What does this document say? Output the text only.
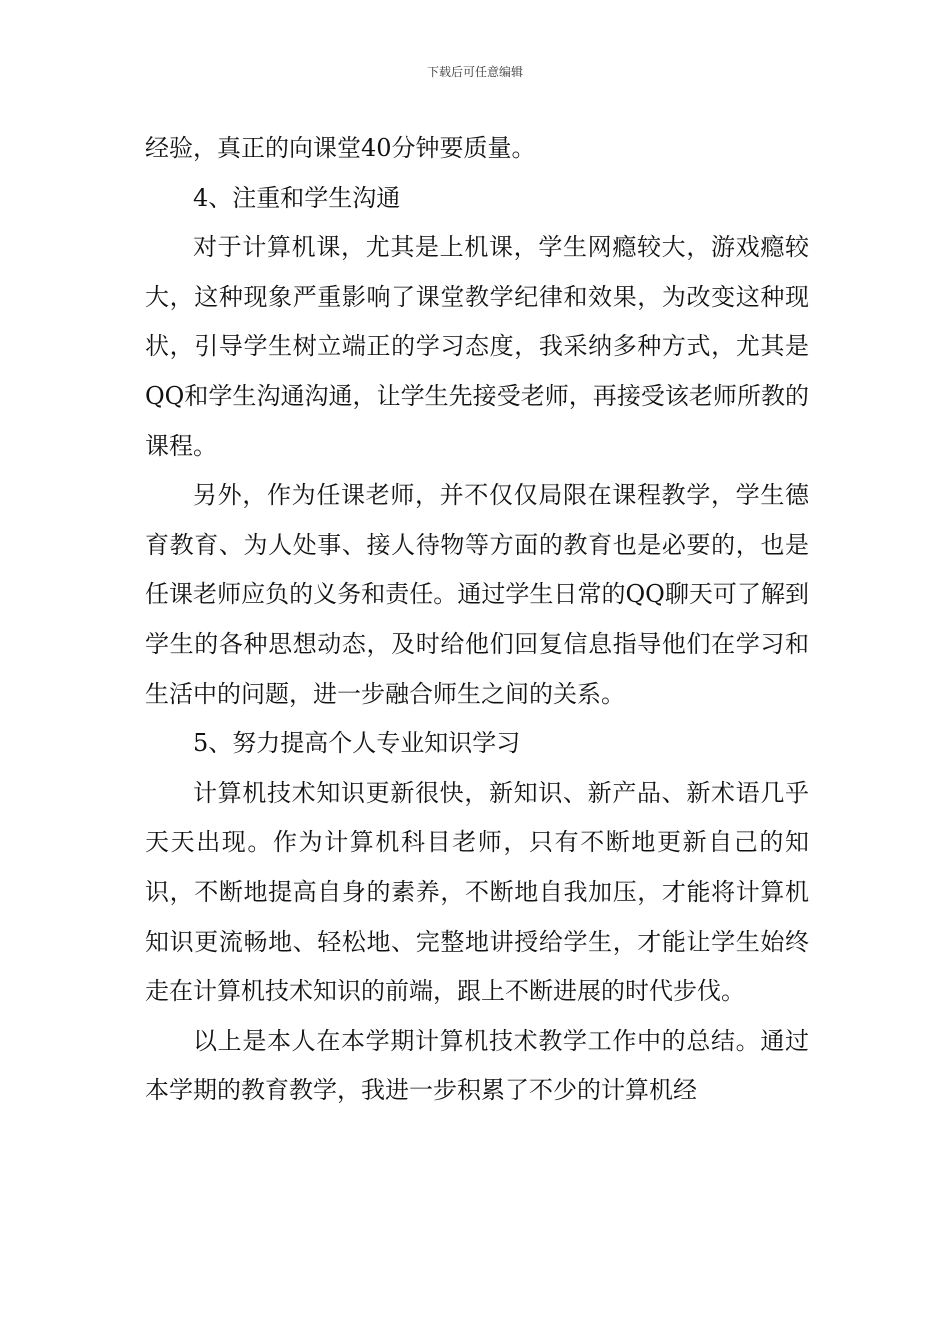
下载后可任意编辑

经验，真正的向课堂40分钟要质量。

4、注重和学生沟通

对于计算机课，尤其是上机课，学生网瘾较大，游戏瘾较大，这种现象严重影响了课堂教学纪律和效果，为改变这种现状，引导学生树立端正的学习态度，我采纳多种方式，尤其是QQ和学生沟通沟通，让学生先接受老师，再接受该老师所教的课程。

另外，作为任课老师，并不仅仅局限在课程教学，学生德育教育、为人处事、接人待物等方面的教育也是必要的，也是任课老师应负的义务和责任。通过学生日常的QQ聊天可了解到学生的各种思想动态，及时给他们回复信息指导他们在学习和生活中的问题，进一步融合师生之间的关系。

5、努力提高个人专业知识学习

计算机技术知识更新很快，新知识、新产品、新术语几乎天天出现。作为计算机科目老师，只有不断地更新自己的知识，不断地提高自身的素养，不断地自我加压，才能将计算机知识更流畅地、轻松地、完整地讲授给学生，才能让学生始终走在计算机技术知识的前端，跟上不断进展的时代步伐。

以上是本人在本学期计算机技术教学工作中的总结。通过本学期的教育教学，我进一步积累了不少的计算机经
